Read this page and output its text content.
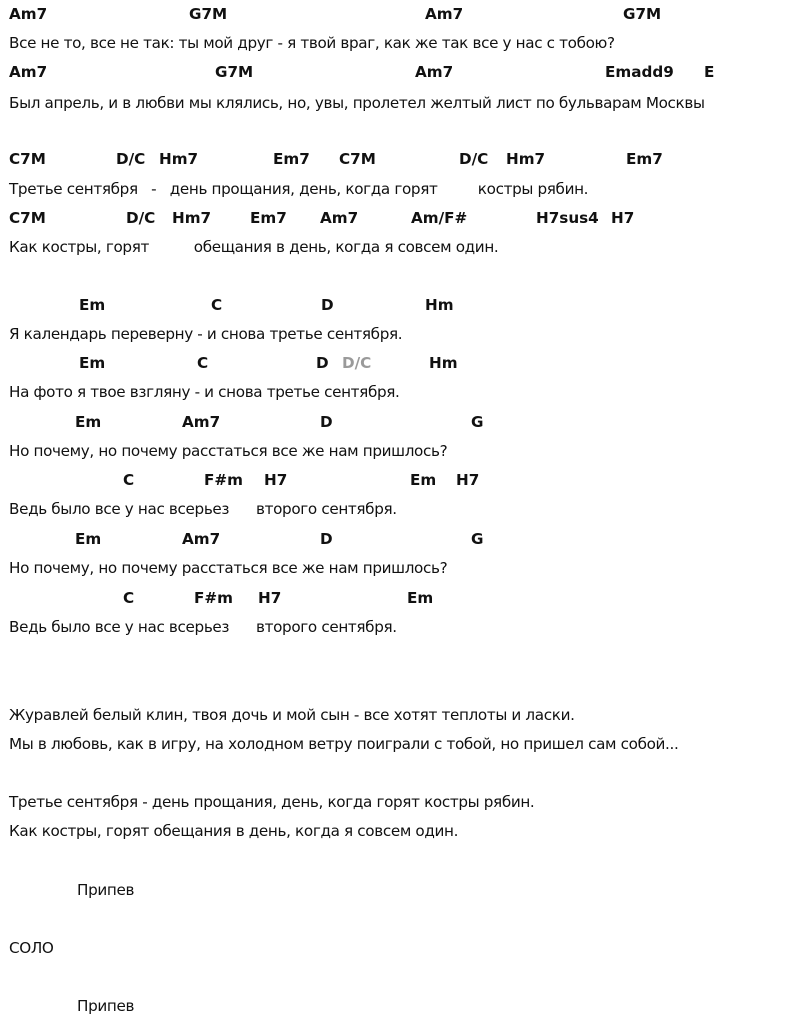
Am7

	G7M

	Am7

	G7M

Все не то, все не так: ты мой друг - я твой враг, как же так все у нас с тобою?

Am7

	G7M

	Am7

	Emadd9

E

Был апрель, и в любви мы клялись, но, увы, пролетел желтый лист по бульварам Москвы

C7M

	D/C

Hm7

	Em7

C7M

	D/C

Hm7

	Em7

Третье сентября   -   день прощания, день, когда горят         костры рябин.

C7M

	D/C

Hm7

	Em7

Am7

	Am/F#

	H7sus4

H7

Как костры, горят          обещания в день, когда я совсем один.

Em

	C

	D

	Hm

Я календарь переверну - и снова третье сентября.

Em

	C

	D

D/C

	Hm

На фото я твое взгляну - и снова третье сентября.

Em

	Am7

	D

	G

Но почему, но почему расстаться все же нам пришлось?

C

	F#m

H7

	Em

H7

Ведь было все у нас всерьез      второго сентября.

Em

	Am7

	D

	G

Но почему, но почему расстаться все же нам пришлось?

C

	F#m

H7

	Em

Ведь было все у нас всерьез      второго сентября.
Журавлей белый клин, твоя дочь и мой сын - все хотят теплоты и ласки.
Мы в любовь, как в игру, на холодном ветру поиграли с тобой, но пришел сам собой...
Третье сентября - день прощания, день, когда горят костры рябин.
Как костры, горят обещания в день, когда я совсем один.
Припев
СОЛО
Припев
